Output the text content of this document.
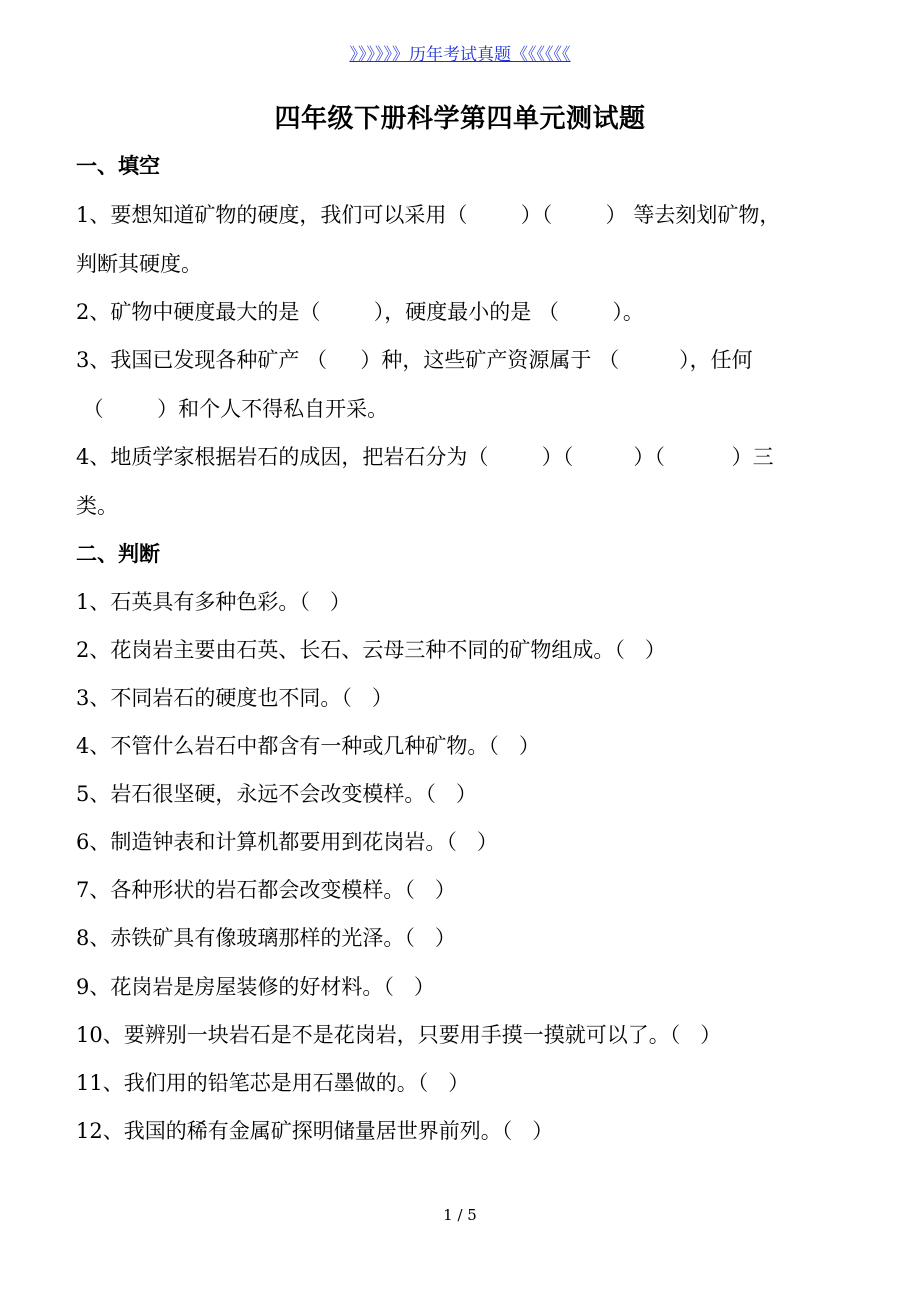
》》》》》》历年考试真题《《《《《《
四年级下册科学第四单元测试题
一、填空
1、要想知道矿物的硬度，我们可以采用（        ）（        ） 等去刻划矿物，
判断其硬度。
2、矿物中硬度最大的是（        ），硬度最小的是 （        ）。
3、我国已发现各种矿产 （     ）种，这些矿产资源属于 （         ），任何
（        ）和个人不得私自开采。
4、地质学家根据岩石的成因，把岩石分为（        ）（         ）（          ）三
类。
二、判断
1、石英具有多种色彩。（   ）
2、花岗岩主要由石英、长石、云母三种不同的矿物组成。（   ）
3、不同岩石的硬度也不同。（   ）
4、不管什么岩石中都含有一种或几种矿物。（   ）
5、岩石很坚硬，永远不会改变模样。（   ）
6、制造钟表和计算机都要用到花岗岩。（   ）
7、各种形状的岩石都会改变模样。（   ）
8、赤铁矿具有像玻璃那样的光泽。（   ）
9、花岗岩是房屋装修的好材料。（   ）
10、要辨别一块岩石是不是花岗岩，只要用手摸一摸就可以了。（   ）
11、我们用的铅笔芯是用石墨做的。（   ）
12、我国的稀有金属矿探明储量居世界前列。（   ）
1 / 5
